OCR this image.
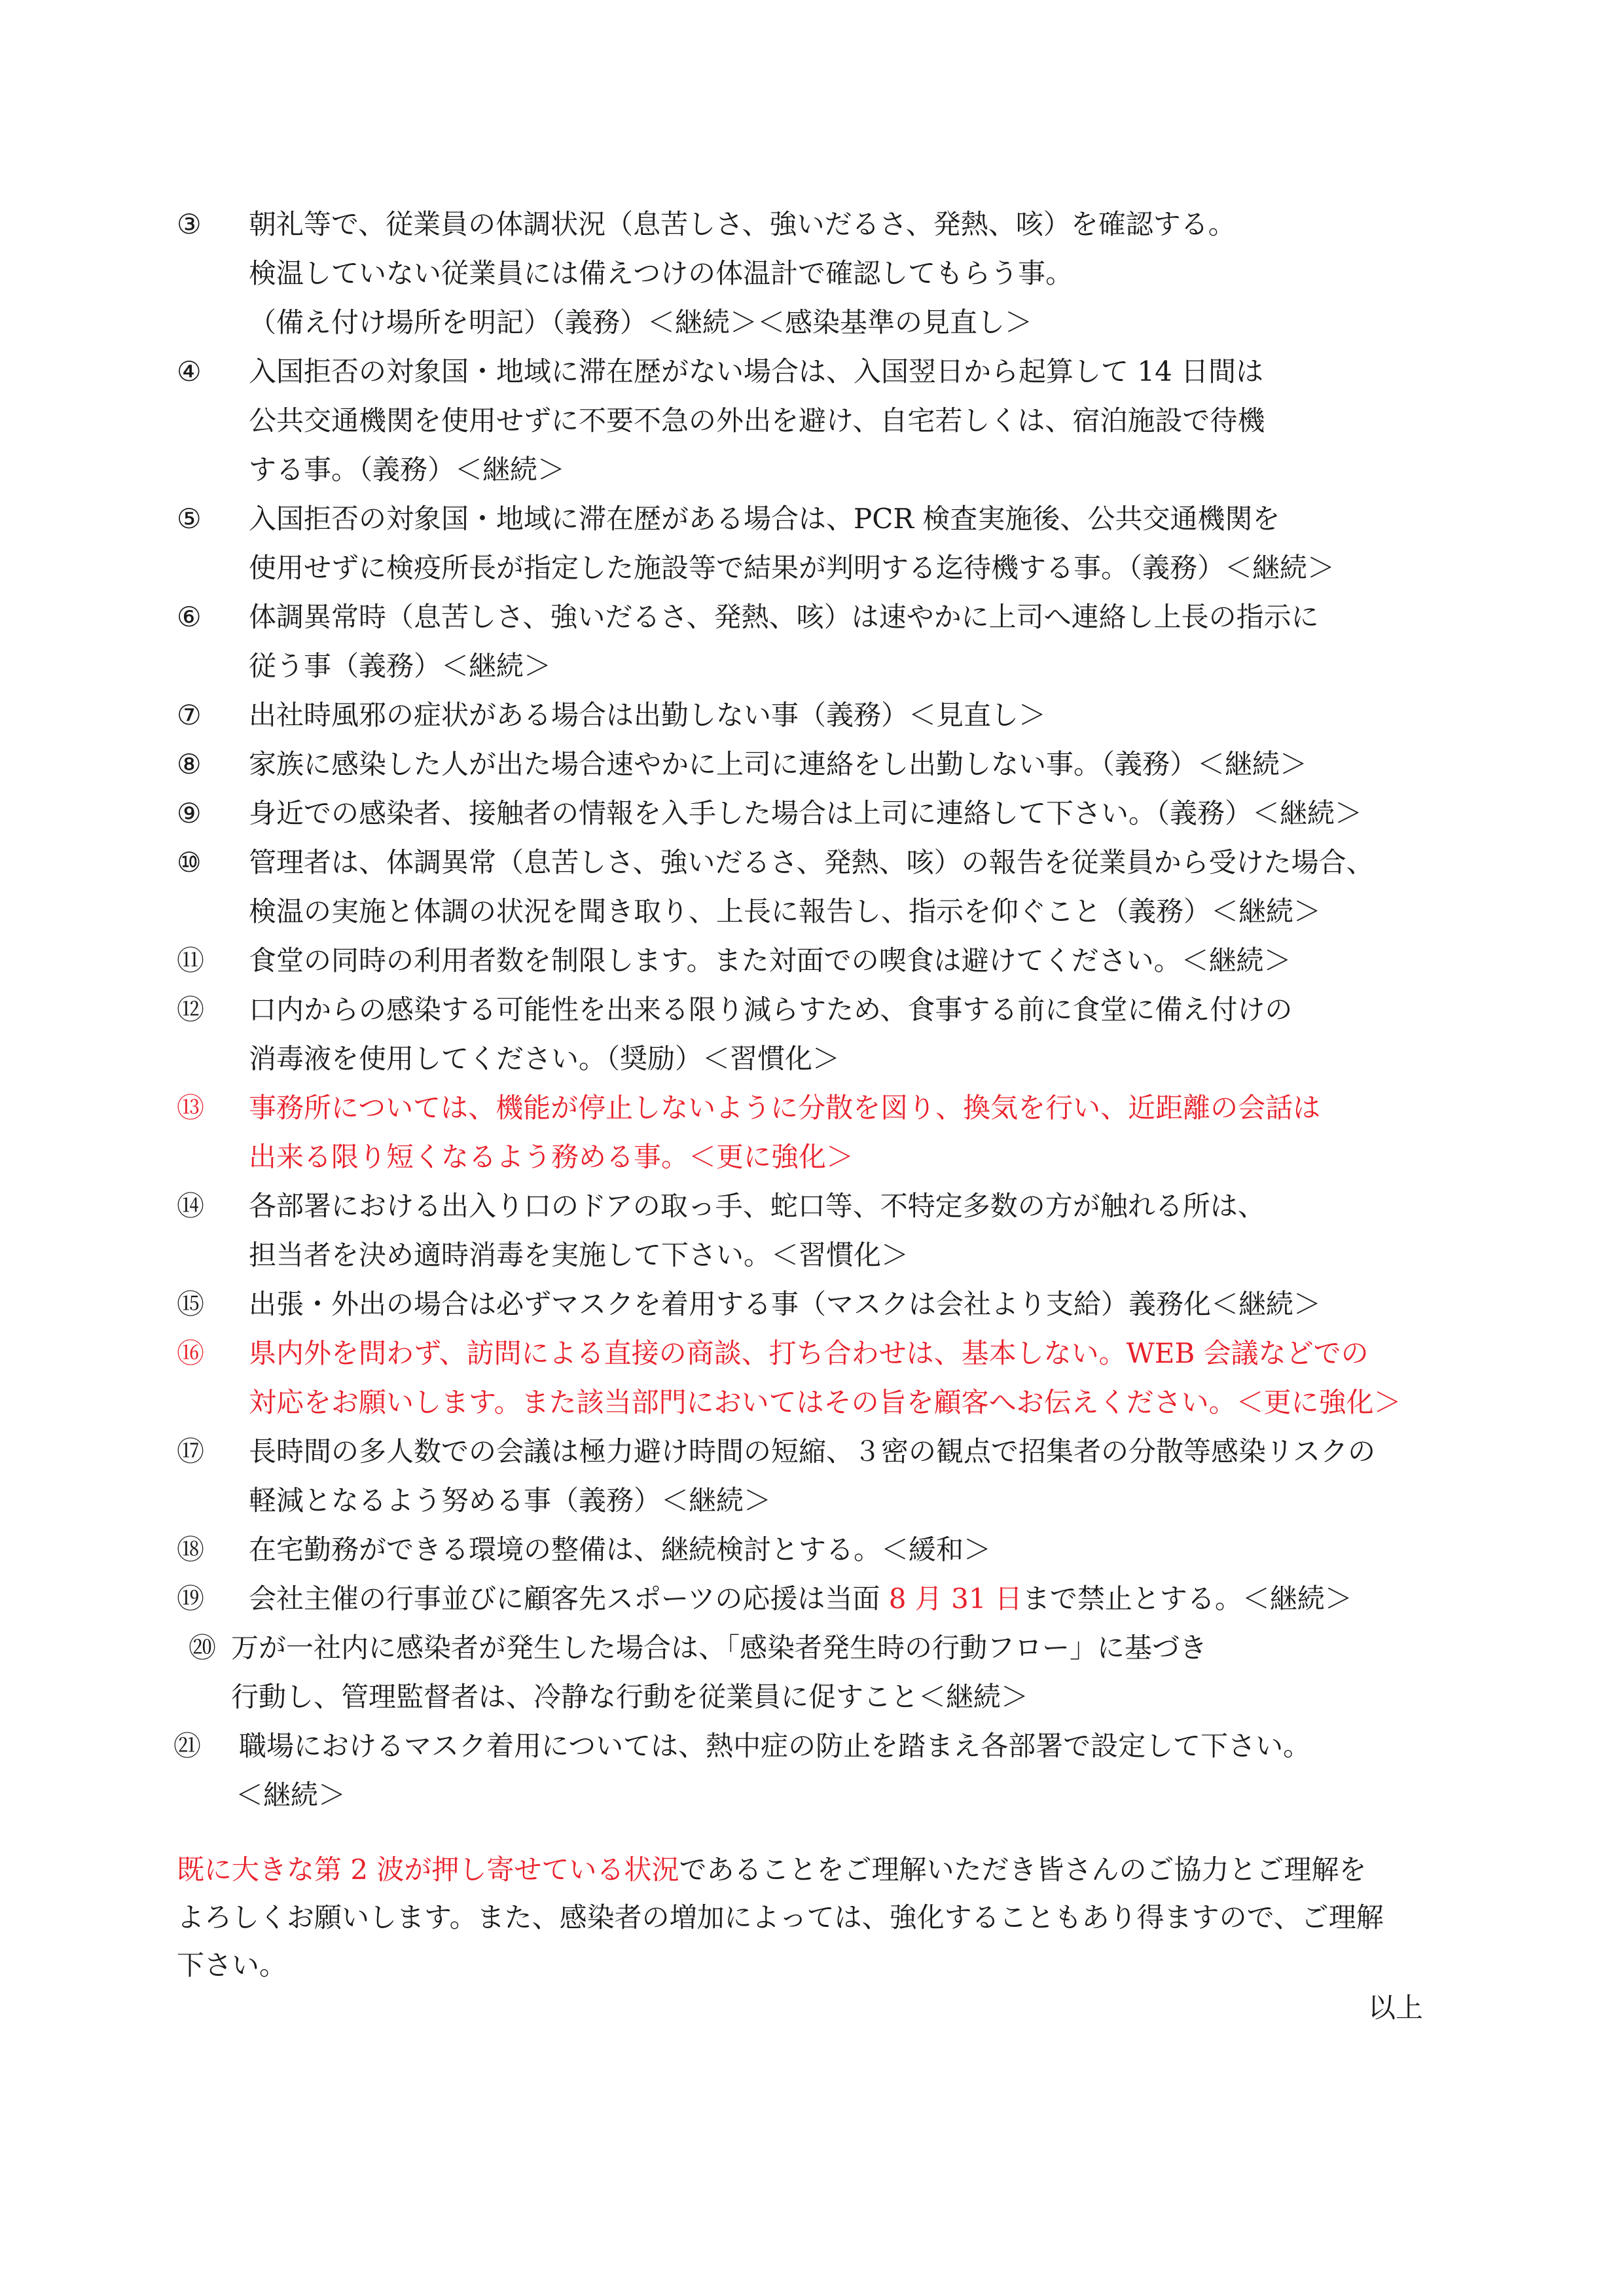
③	朝礼等で、従業員の体調状況（息苦しさ、強いだるさ、発熱、咳）を確認する。
検温していない従業員には備えつけの体温計で確認してもらう事。
（備え付け場所を明記）（義務）＜継続＞＜感染基準の見直し＞
④	入国拒否の対象国・地域に滞在歴がない場合は、入国翌日から起算して 14 日間は
公共交通機関を使用せずに不要不急の外出を避け、自宅若しくは、宿泊施設で待機
する事。（義務）＜継続＞
⑤	入国拒否の対象国・地域に滞在歴がある場合は、PCR 検査実施後、公共交通機関を
使用せずに検疫所長が指定した施設等で結果が判明する迄待機する事。（義務）＜継続＞
⑥	体調異常時（息苦しさ、強いだるさ、発熱、咳）は速やかに上司へ連絡し上長の指示に
従う事（義務）＜継続＞
⑦	出社時風邪の症状がある場合は出勤しない事（義務）＜見直し＞
⑧	家族に感染した人が出た場合速やかに上司に連絡をし出勤しない事。（義務）＜継続＞
⑨	身近での感染者、接触者の情報を入手した場合は上司に連絡して下さい。（義務）＜継続＞
⑩	管理者は、体調異常（息苦しさ、強いだるさ、発熱、咳）の報告を従業員から受けた場合、
検温の実施と体調の状況を聞き取り、上長に報告し、指示を仰ぐこと（義務）＜継続＞
⑪	食堂の同時の利用者数を制限します。また対面での喫食は避けてください。＜継続＞
⑫	口内からの感染する可能性を出来る限り減らすため、食事する前に食堂に備え付けの
消毒液を使用してください。（奨励）＜習慣化＞
⑬	事務所については、機能が停止しないように分散を図り、換気を行い、近距離の会話は
出来る限り短くなるよう務める事。＜更に強化＞
⑭	各部署における出入り口のドアの取っ手、蛇口等、不特定多数の方が触れる所は、
担当者を決め適時消毒を実施して下さい。＜習慣化＞
⑮	出張・外出の場合は必ずマスクを着用する事（マスクは会社より支給）義務化＜継続＞
⑯	県内外を問わず、訪問による直接の商談、打ち合わせは、基本しない。WEB 会議などでの
対応をお願いします。また該当部門においてはその旨を顧客へお伝えください。＜更に強化＞
⑰	長時間の多人数での会議は極力避け時間の短縮、３密の観点で招集者の分散等感染リスクの
軽減となるよう努める事（義務）＜継続＞
⑱	在宅勤務ができる環境の整備は、継続検討とする。＜緩和＞
⑲	会社主催の行事並びに顧客先スポーツの応援は当面 8 月 31 日まで禁止とする。＜継続＞
⑳ 万が一社内に感染者が発生した場合は、「感染者発生時の行動フロー」に基づき
行動し、管理監督者は、冷静な行動を従業員に促すこと＜継続＞
㉑	職場におけるマスク着用については、熱中症の防止を踏まえ各部署で設定して下さい。
＜継続＞
既に大きな第 2 波が押し寄せている状況であることをご理解いただき皆さんのご協力とご理解を
よろしくお願いします。また、感染者の増加によっては、強化することもあり得ますので、ご理解
下さい。
以上
